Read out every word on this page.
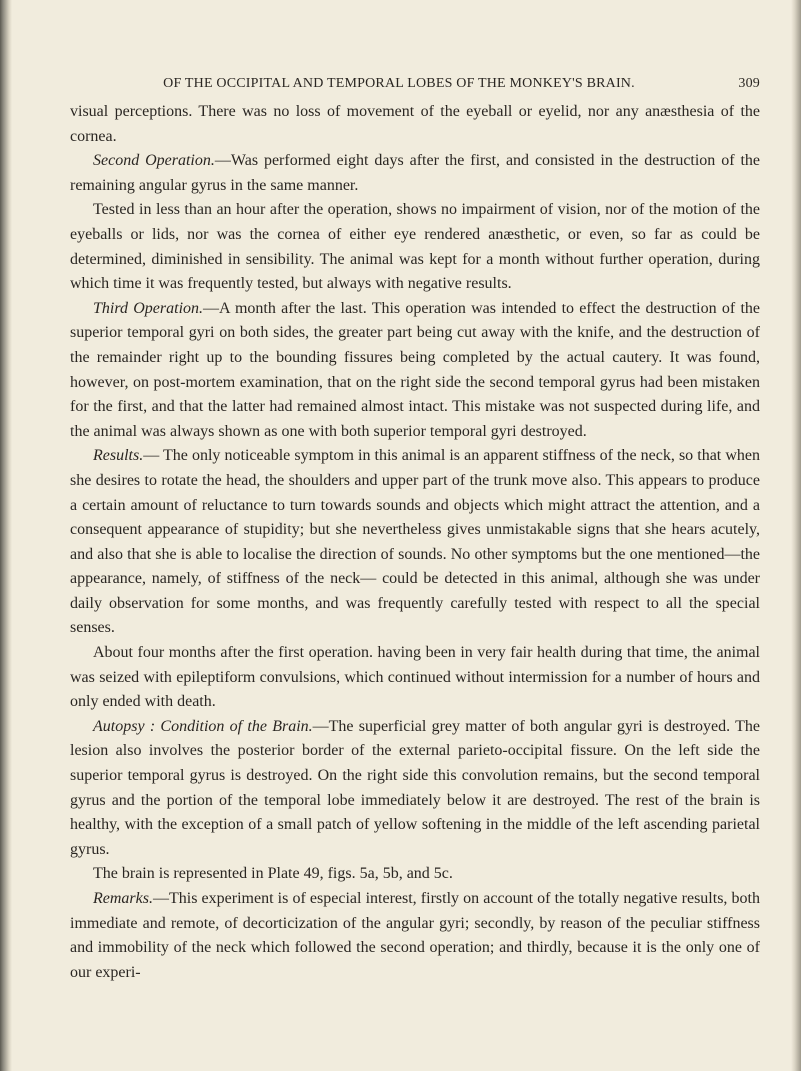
OF THE OCCIPITAL AND TEMPORAL LOBES OF THE MONKEY'S BRAIN.	309

visual perceptions. There was no loss of movement of the eyeball or eyelid, nor any anæsthesia of the cornea.

Second Operation.—Was performed eight days after the first, and consisted in the destruction of the remaining angular gyrus in the same manner.

Tested in less than an hour after the operation, shows no impairment of vision, nor of the motion of the eyeballs or lids, nor was the cornea of either eye rendered anæsthetic, or even, so far as could be determined, diminished in sensibility. The animal was kept for a month without further operation, during which time it was frequently tested, but always with negative results.

Third Operation.—A month after the last. This operation was intended to effect the destruction of the superior temporal gyri on both sides, the greater part being cut away with the knife, and the destruction of the remainder right up to the bounding fissures being completed by the actual cautery. It was found, however, on post-mortem examination, that on the right side the second temporal gyrus had been mistaken for the first, and that the latter had remained almost intact. This mistake was not suspected during life, and the animal was always shown as one with both superior temporal gyri destroyed.

Results.— The only noticeable symptom in this animal is an apparent stiffness of the neck, so that when she desires to rotate the head, the shoulders and upper part of the trunk move also. This appears to produce a certain amount of reluctance to turn towards sounds and objects which might attract the attention, and a consequent appearance of stupidity; but she nevertheless gives unmistakable signs that she hears acutely, and also that she is able to localise the direction of sounds. No other symptoms but the one mentioned—the appearance, namely, of stiffness of the neck— could be detected in this animal, although she was under daily observation for some months, and was frequently carefully tested with respect to all the special senses.

About four months after the first operation. having been in very fair health during that time, the animal was seized with epileptiform convulsions, which continued without intermission for a number of hours and only ended with death.

Autopsy : Condition of the Brain.—The superficial grey matter of both angular gyri is destroyed. The lesion also involves the posterior border of the external parieto-occipital fissure. On the left side the superior temporal gyrus is destroyed. On the right side this convolution remains, but the second temporal gyrus and the portion of the temporal lobe immediately below it are destroyed. The rest of the brain is healthy, with the exception of a small patch of yellow softening in the middle of the left ascending parietal gyrus.

The brain is represented in Plate 49, figs. 5a, 5b, and 5c.

Remarks.—This experiment is of especial interest, firstly on account of the totally negative results, both immediate and remote, of decorticization of the angular gyri; secondly, by reason of the peculiar stiffness and immobility of the neck which followed the second operation; and thirdly, because it is the only one of our experi-
